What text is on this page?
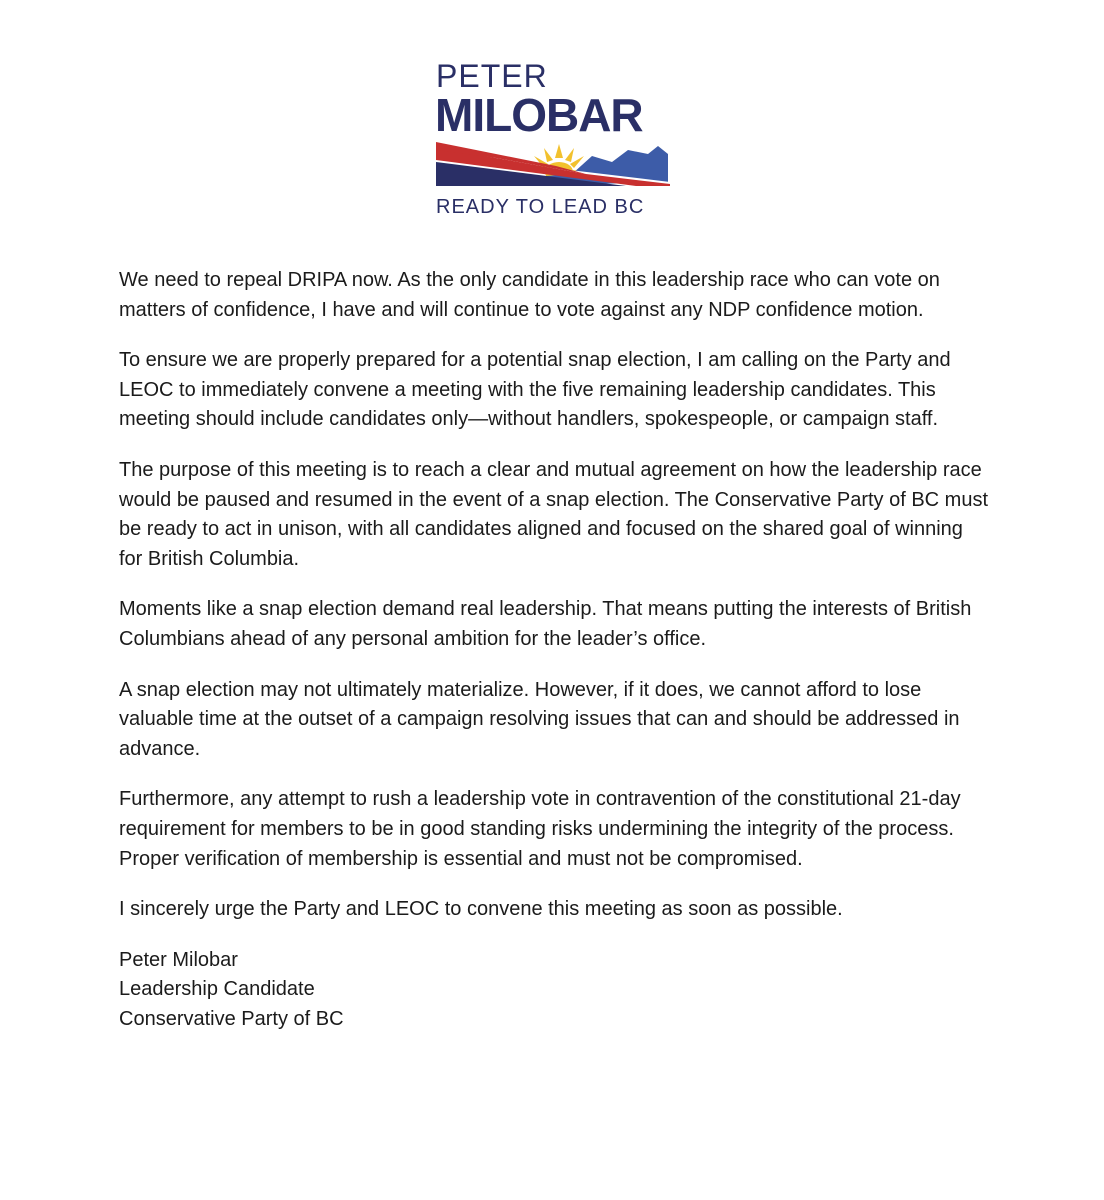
PETER
MILOBAR
READY TO LEAD BC

We need to repeal DRIPA now. As the only candidate in this leadership race who can vote on matters of confidence, I have and will continue to vote against any NDP confidence motion.

To ensure we are properly prepared for a potential snap election, I am calling on the Party and LEOC to immediately convene a meeting with the five remaining leadership candidates. This meeting should include candidates only—without handlers, spokespeople, or campaign staff.

The purpose of this meeting is to reach a clear and mutual agreement on how the leadership race would be paused and resumed in the event of a snap election. The Conservative Party of BC must be ready to act in unison, with all candidates aligned and focused on the shared goal of winning for British Columbia.

Moments like a snap election demand real leadership. That means putting the interests of British Columbians ahead of any personal ambition for the leader’s office.

A snap election may not ultimately materialize. However, if it does, we cannot afford to lose valuable time at the outset of a campaign resolving issues that can and should be addressed in advance.

Furthermore, any attempt to rush a leadership vote in contravention of the constitutional 21-day requirement for members to be in good standing risks undermining the integrity of the process. Proper verification of membership is essential and must not be compromised.

I sincerely urge the Party and LEOC to convene this meeting as soon as possible.

Peter Milobar
Leadership Candidate
Conservative Party of BC
